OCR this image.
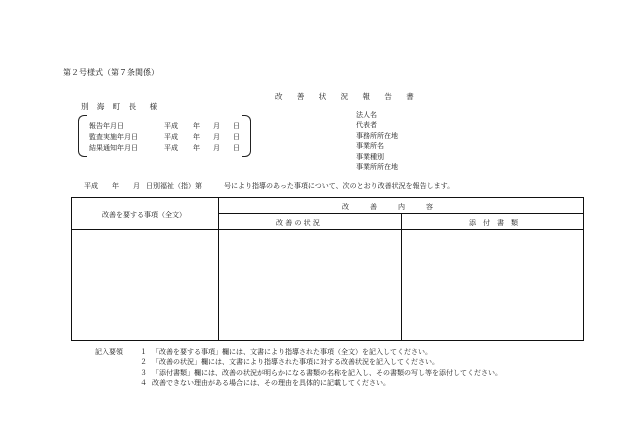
第２号様式（第７条関係）
改 善 状 況 報 告 書
別 海 町 長　様
報告年月日	平成 年 月 日
監査実施年月日	平成 年 月 日
結果通知年月日	平成 年 月 日
法人名
代表者
事務所所在地
事業所名
事業種別
事業所所在地
平成 年 月 日別福祉（指）第	号により指導のあった事項について、次のとおり改善状況を報告します。
改善を要する事項（全文）
改　　　善　　　内　　　容
改 善 の 状 況	添　付　書　類
記入要領 １ 「改善を要する事項」欄には、文書により指導された事項（全文）を記入してください。
２ 「改善の状況」欄には、文書により指導された事項に対する改善状況を記入してください。
３ 「添付書類」欄には、改善の状況が明らかになる書類の名称を記入し、その書類の写し等を添付してください。
４ 改善できない理由がある場合には、その理由を具体的に記載してください。
